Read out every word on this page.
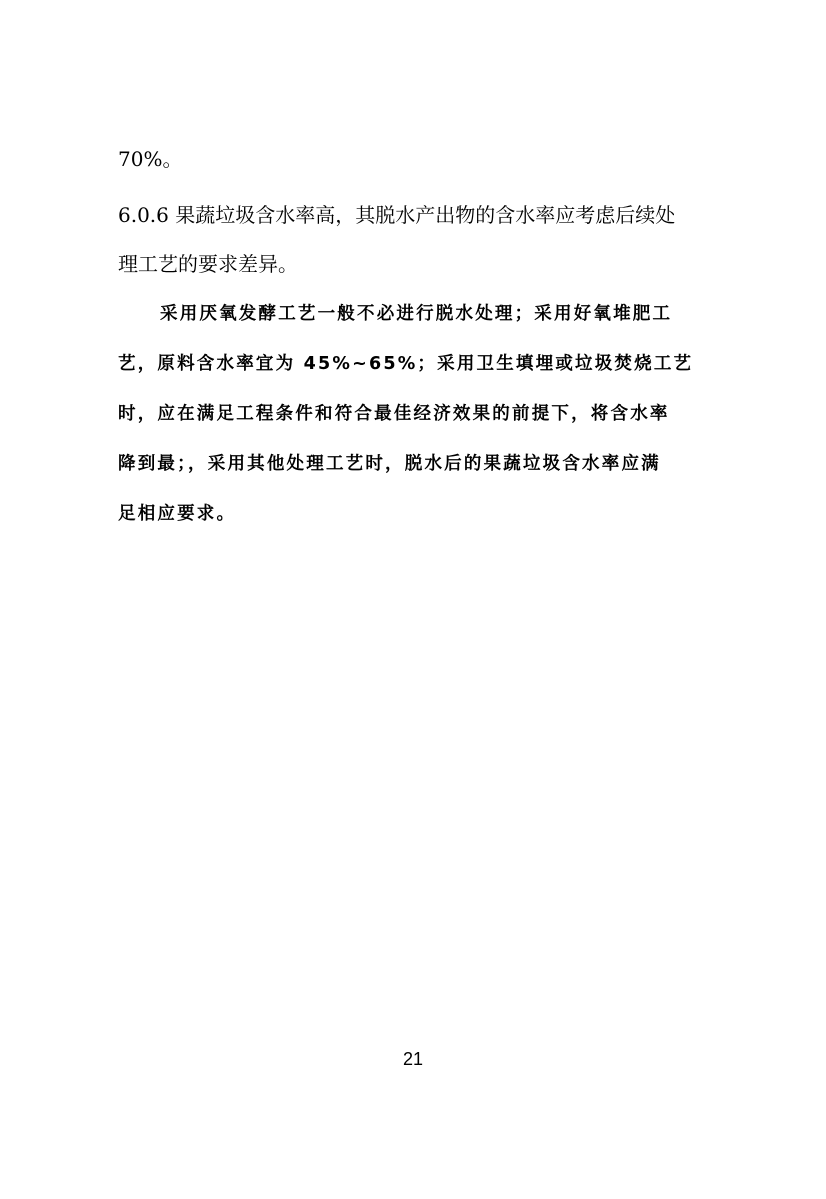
70%。
6.0.6 果蔬垃圾含水率高，其脱水产出物的含水率应考虑后续处
理工艺的要求差异。
采用厌氧发酵工艺一般不必进行脱水处理；采用好氧堆肥工
艺，原料含水率宜为 45%~65%；采用卫生填埋或垃圾焚烧工艺
时，应在满足工程条件和符合最佳经济效果的前提下，将含水率
降到最；，采用其他处理工艺时，脱水后的果蔬垃圾含水率应满
足相应要求。
21
